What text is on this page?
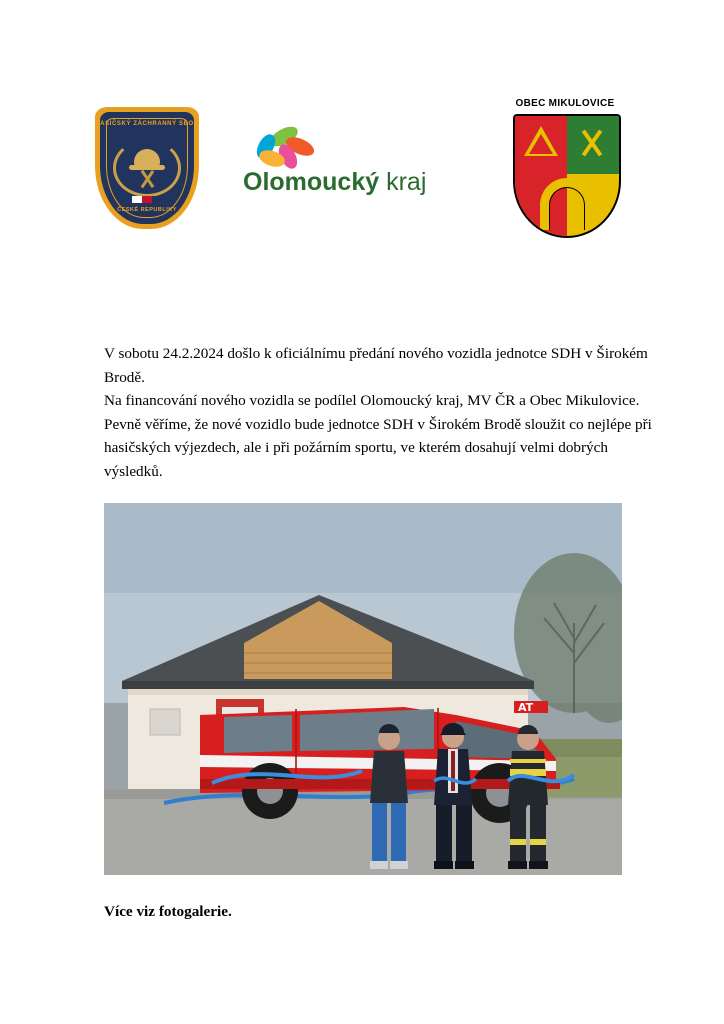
HASIČSKÝ ZÁCHRANNÝ SBOR
ČESKÉ REPUBLIKY
Olomoucký kraj
OBEC MIKULOVICE

V sobotu 24.2.2024 došlo k oficiálnímu předání nového vozidla jednotce SDH v Širokém Brodě.

Na financování nového vozidla se podílel Olomoucký kraj, MV ČR a Obec Mikulovice. Pevně věříme, že nové vozidlo bude jednotce SDH v Širokém Brodě sloužit co nejlépe při hasičských výjezdech, ale i při požárním sportu, ve kterém dosahují velmi dobrých výsledků.

AT
Více viz fotogalerie.
